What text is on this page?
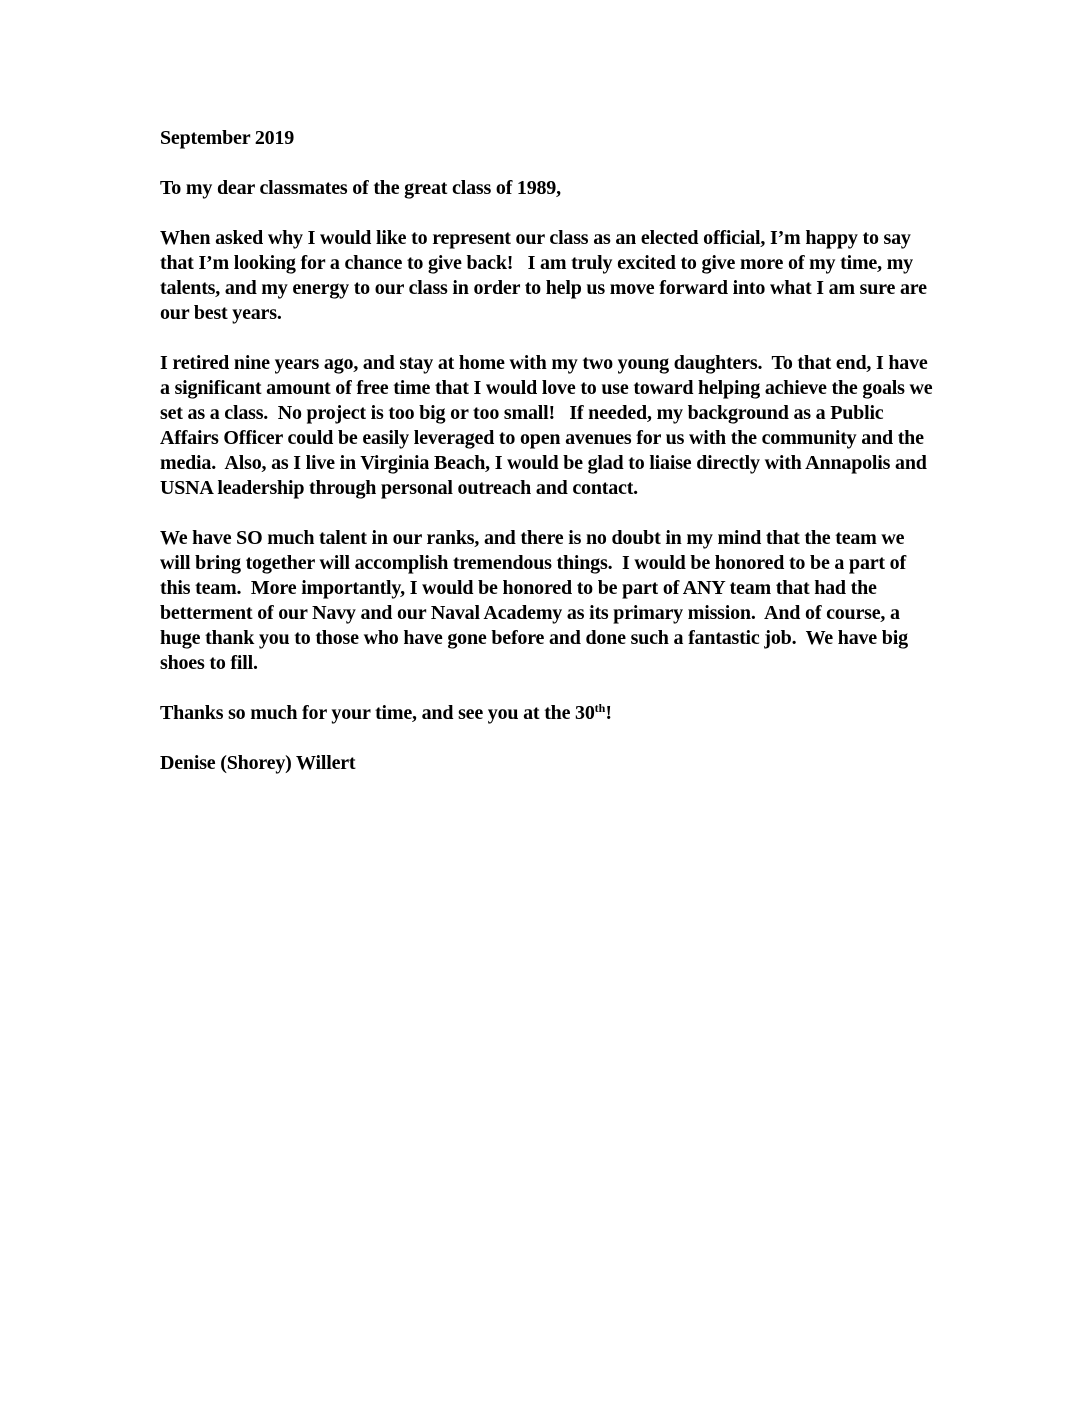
September 2019

To my dear classmates of the great class of 1989,

When asked why I would like to represent our class as an elected official, I’m happy to say that I’m looking for a chance to give back!   I am truly excited to give more of my time, my talents, and my energy to our class in order to help us move forward into what I am sure are our best years.

I retired nine years ago, and stay at home with my two young daughters.  To that end, I have a significant amount of free time that I would love to use toward helping achieve the goals we set as a class.  No project is too big or too small!   If needed, my background as a Public Affairs Officer could be easily leveraged to open avenues for us with the community and the media.  Also, as I live in Virginia Beach, I would be glad to liaise directly with Annapolis and USNA leadership through personal outreach and contact.

We have SO much talent in our ranks, and there is no doubt in my mind that the team we will bring together will accomplish tremendous things.  I would be honored to be a part of this team.  More importantly, I would be honored to be part of ANY team that had the betterment of our Navy and our Naval Academy as its primary mission.  And of course, a huge thank you to those who have gone before and done such a fantastic job.  We have big shoes to fill.

Thanks so much for your time, and see you at the 30th!

Denise (Shorey) Willert
